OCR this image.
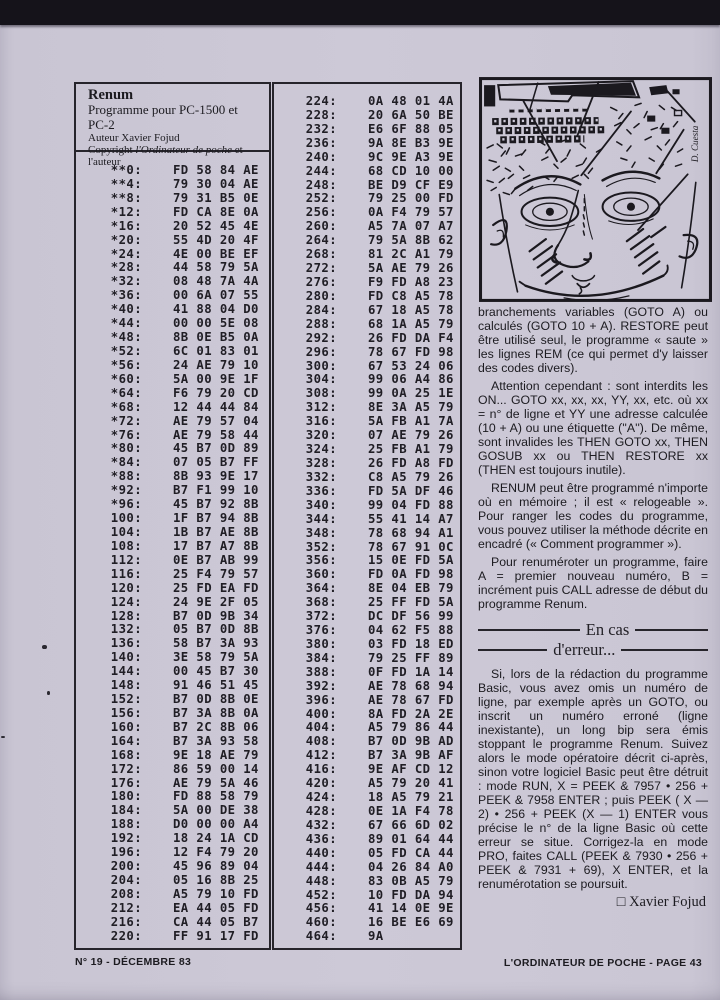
Renum
Programme pour PC-1500 et PC-2
Auteur Xavier Fojud
Copyright l'Ordinateur de poche et l'auteur
**0:	FD 58 84 AE
**4:	79 30 04 AE
**8:	79 31 B5 0E
*12:	FD CA 8E 0A
*16:	20 52 45 4E
*20:	55 4D 20 4F
*24:	4E 00 BE EF
*28:	44 58 79 5A
*32:	08 48 7A 4A
*36:	00 6A 07 55
*40:	41 88 04 D0
*44:	00 00 5E 08
*48:	8B 0E B5 0A
*52:	6C 01 83 01
*56:	24 AE 79 10
*60:	5A 00 9E 1F
*64:	F6 79 20 CD
*68:	12 44 44 84
*72:	AE 79 57 04
*76:	AE 79 58 44
*80:	45 B7 0D 89
*84:	07 05 B7 FF
*88:	8B 93 9E 17
*92:	B7 F1 99 10
*96:	45 B7 92 8B
100:	1F B7 94 8B
104:	1B B7 AE 8B
108:	17 B7 A7 8B
112:	0E B7 AB 99
116:	25 F4 79 57
120:	25 FD EA FD
124:	24 9E 2F 05
128:	B7 0D 9B 34
132:	05 B7 0D 8B
136:	58 B7 3A 93
140:	3E 58 79 5A
144:	00 45 B7 30
148:	91 46 51 45
152:	B7 0D 8B 0E
156:	B7 3A 8B 0A
160:	B7 2C 8B 06
164:	B7 3A 93 58
168:	9E 18 AE 79
172:	86 59 00 14
176:	AE 79 5A 46
180:	FD 88 58 79
184:	5A 00 DE 38
188:	D0 00 00 A4
192:	18 24 1A CD
196:	12 F4 79 20
200:	45 96 89 04
204:	05 16 8B 25
208:	A5 79 10 FD
212:	EA 44 05 FD
216:	CA 44 05 B7
220:	FF 91 17 FD
224:	0A 48 01 4A
228:	20 6A 50 BE
232:	E6 6F 88 05
236:	9A 8E B3 9E
240:	9C 9E A3 9E
244:	68 CD 10 00
248:	BE D9 CF E9
252:	79 25 00 FD
256:	0A F4 79 57
260:	A5 7A 07 A7
264:	79 5A 8B 62
268:	81 2C A1 79
272:	5A AE 79 26
276:	F9 FD A8 23
280:	FD C8 A5 78
284:	67 18 A5 78
288:	68 1A A5 79
292:	26 FD DA F4
296:	78 67 FD 98
300:	67 53 24 06
304:	99 06 A4 86
308:	99 0A 25 1E
312:	8E 3A A5 79
316:	5A FB A1 7A
320:	07 AE 79 26
324:	25 FB A1 79
328:	26 FD A8 FD
332:	C8 A5 79 26
336:	FD 5A DF 46
340:	99 04 FD 88
344:	55 41 14 A7
348:	78 68 94 A1
352:	78 67 91 0C
356:	15 0E FD 5A
360:	FD 0A FD 98
364:	8E 04 EB 79
368:	25 FF FD 5A
372:	DC DF 56 99
376:	04 62 F5 88
380:	03 FD 18 ED
384:	79 25 FF 89
388:	0F FD 1A 14
392:	AE 78 68 94
396:	AE 78 67 FD
400:	8A FD 2A 2E
404:	A5 79 86 44
408:	B7 0D 9B AD
412:	B7 3A 9B AF
416:	9E AF CD 12
420:	A5 79 20 41
424:	18 A5 79 21
428:	0E 1A F4 78
432:	67 66 6D 02
436:	89 01 64 44
440:	05 FD CA 44
444:	04 26 84 A0
448:	83 0B A5 79
452:	10 FD DA 94
456:	41 14 0E 9E
460:	16 BE E6 69
464:	9A
D. Cuesta

branchements variables (GOTO A) ou calculés (GOTO 10 + A). RESTORE peut être utilisé seul, le programme « saute » les lignes REM (ce qui permet d'y laisser des codes divers).

Attention cependant : sont interdits les ON... GOTO xx, xx, xx, YY, xx, etc. où xx = n° de ligne et YY une adresse calculée (10 + A) ou une étiquette (''A''). De même, sont invalides les THEN GOTO xx, THEN GOSUB xx ou THEN RESTORE xx (THEN est toujours inutile).

RENUM peut être programmé n'importe où en mémoire ; il est « relogeable ». Pour ranger les codes du programme, vous pouvez utiliser la méthode décrite en encadré (« Comment programmer »).

Pour renuméroter un programme, faire A = premier nouveau numéro, B = incrément puis CALL adresse de début du programme Renum.

En cas
d'erreur...

Si, lors de la rédaction du programme Basic, vous avez omis un numéro de ligne, par exemple après un GOTO, ou inscrit un numéro erroné (ligne inexistante), un long bip sera émis stoppant le programme Renum. Suivez alors le mode opératoire décrit ci-après, sinon votre logiciel Basic peut être détruit : mode RUN, X = PEEK & 7957 • 256 + PEEK & 7958 ENTER ; puis PEEK ( X — 2) • 256 + PEEK (X — 1) ENTER vous précise le n° de la ligne Basic où cette erreur se situe. Corrigez-la en mode PRO, faites CALL (PEEK & 7930 • 256 + PEEK & 7931 + 69), X ENTER, et la renumérotation se poursuit.

□ Xavier Fojud
N° 19 - DÉCEMBRE 83	L'ORDINATEUR DE POCHE - PAGE 43
